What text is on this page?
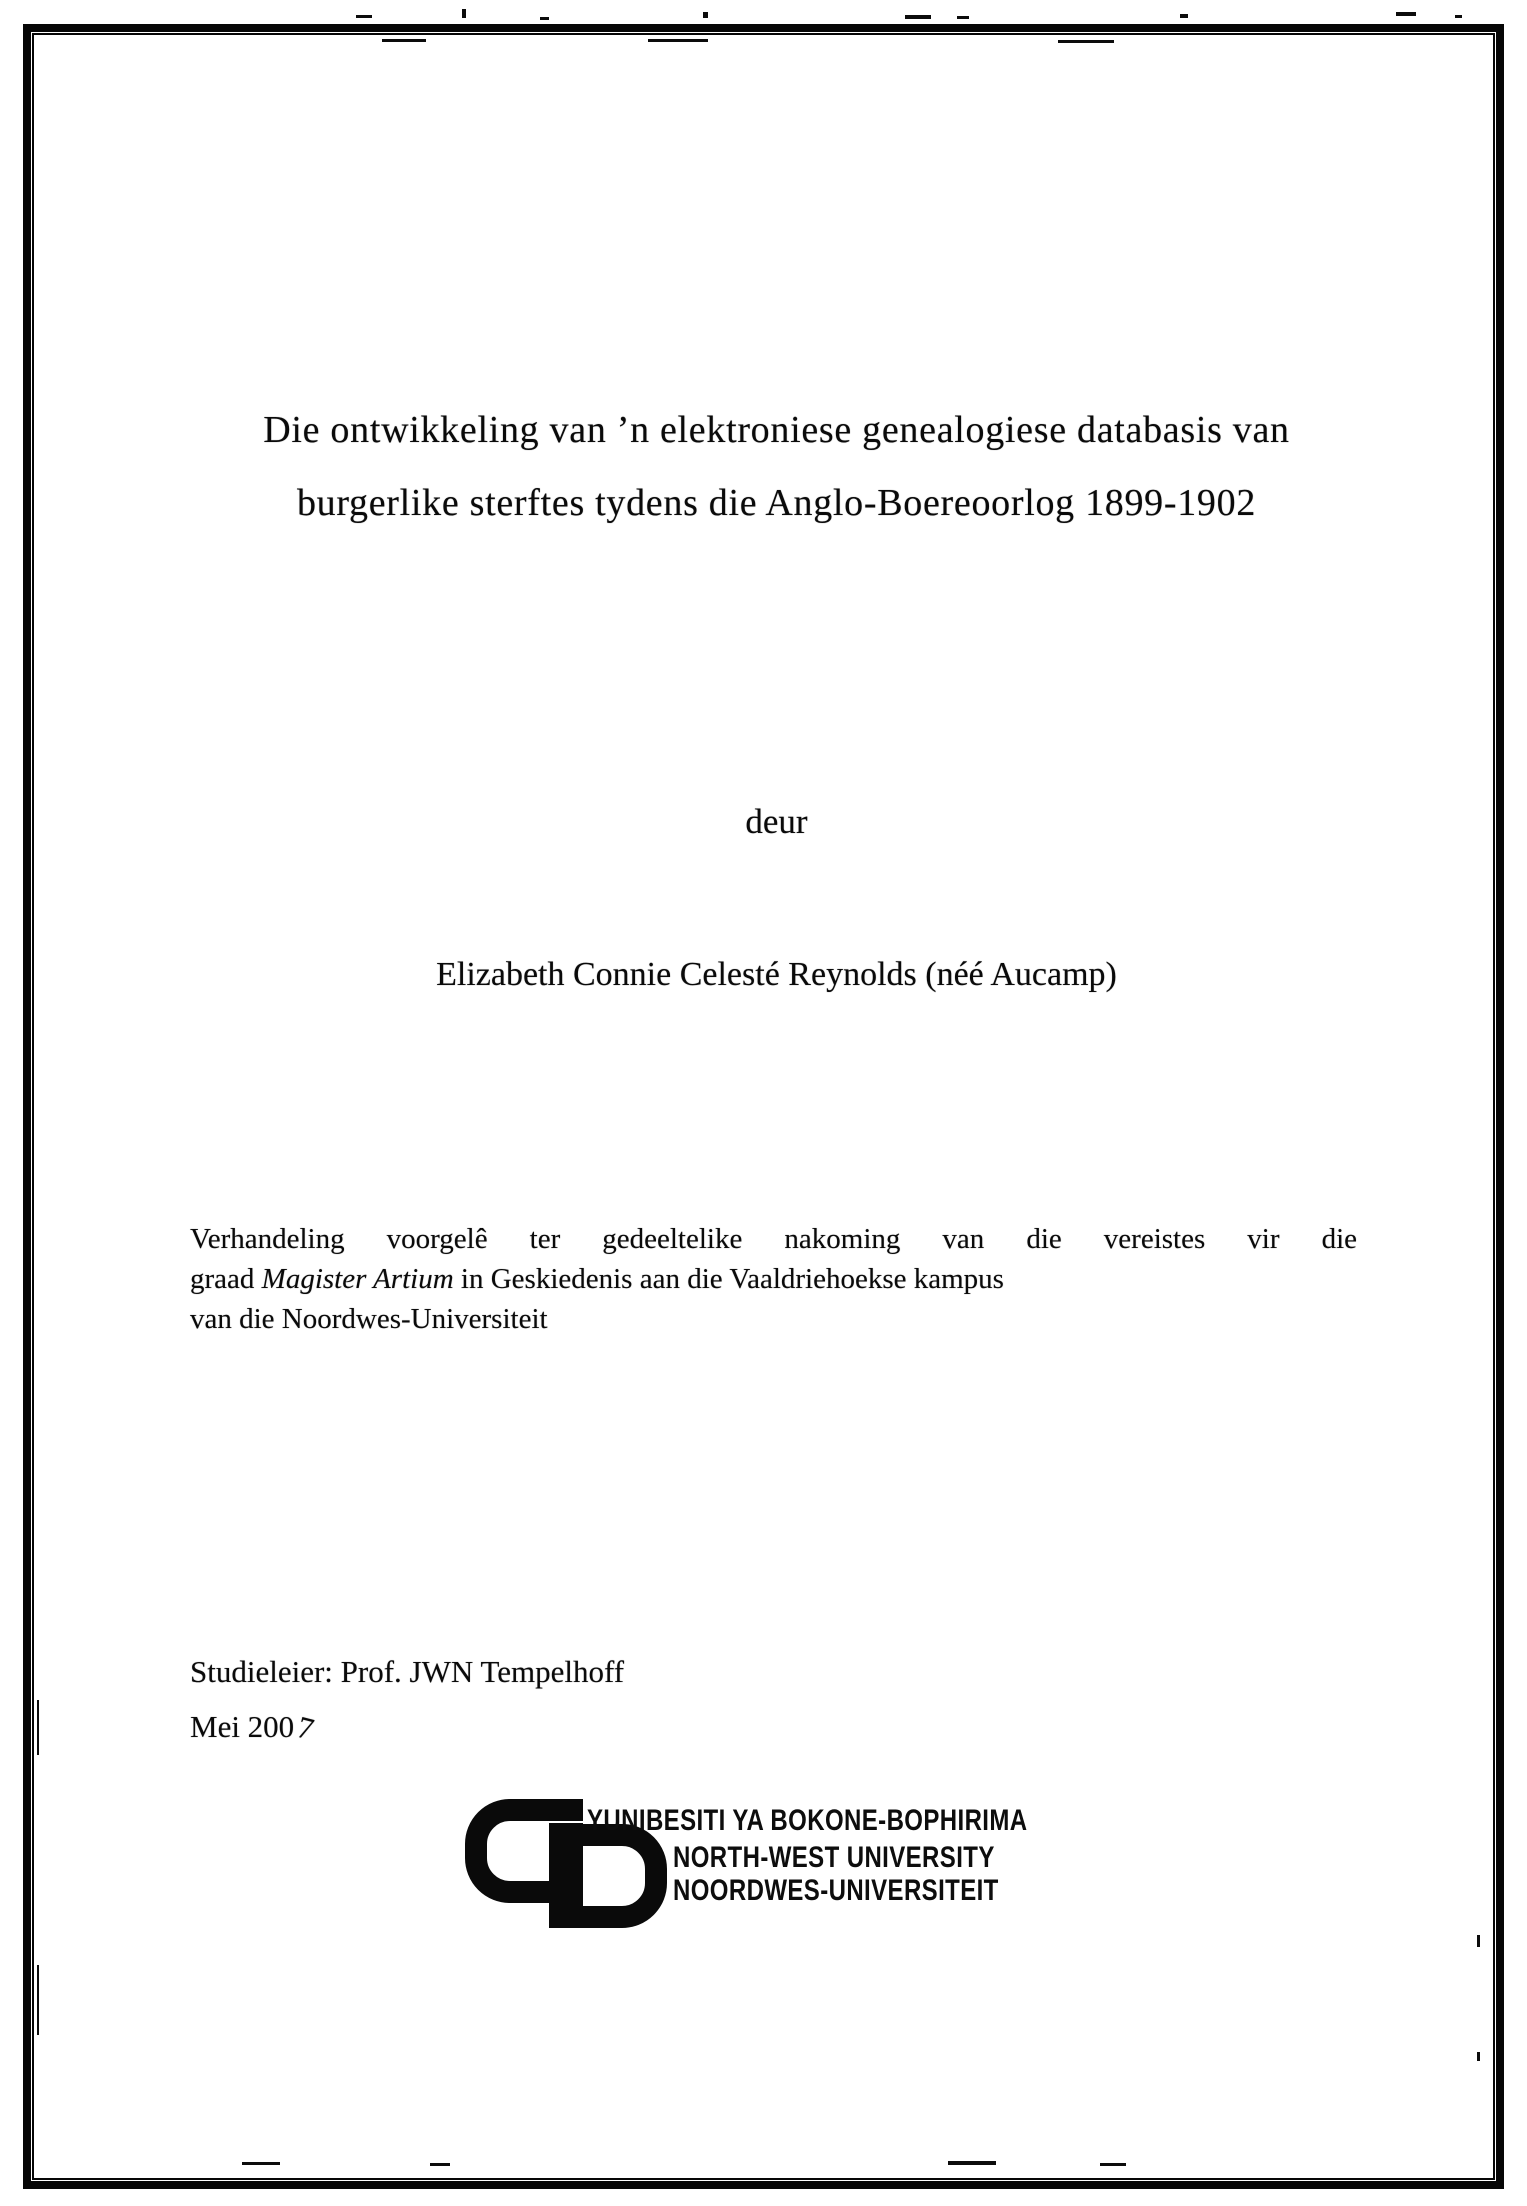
Die ontwikkeling van ’n elektroniese genealogiese databasis van
burgerlike sterftes tydens die Anglo-Boereoorlog 1899-1902
deur
Elizabeth Connie Celesté Reynolds (néé Aucamp)

Verhandeling voorgelê ter gedeeltelike nakoming van die vereistes vir die

graad Magister Artium in Geskiedenis aan die Vaaldriehoekse kampus

van die Noordwes-Universiteit

Studieleier: Prof. JWN Tempelhoff

Mei 2007

YUNIBESITI YA BOKONE-BOPHIRIMA
NORTH-WEST UNIVERSITY
NOORDWES-UNIVERSITEIT
